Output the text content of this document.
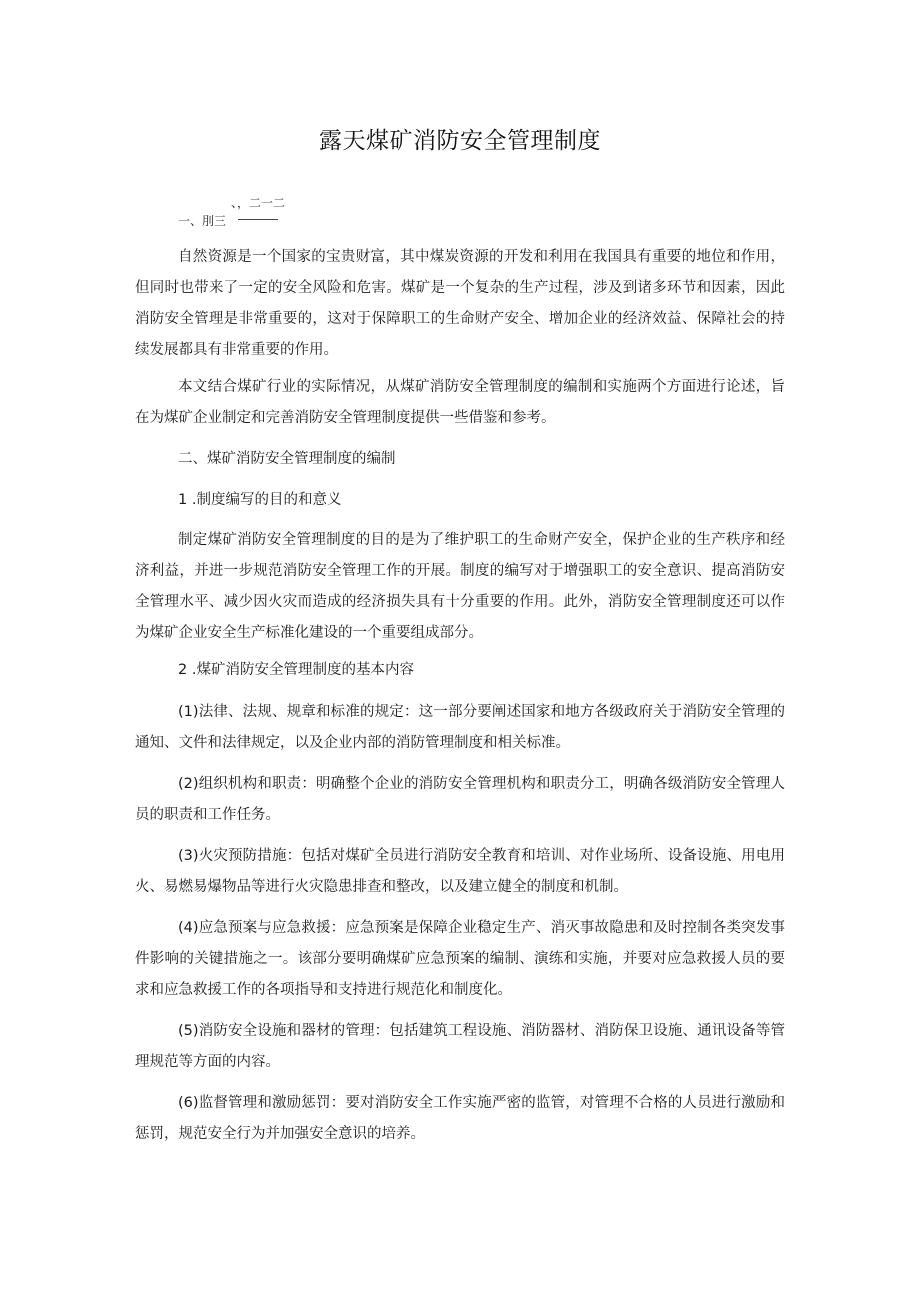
露天煤矿消防安全管理制度
、，二一二
一、刖三
自然资源是一个国家的宝贵财富，其中煤炭资源的开发和利用在我国具有重要的地位和作用，但同时也带来了一定的安全风险和危害。煤矿是一个复杂的生产过程，涉及到诸多环节和因素，因此消防安全管理是非常重要的，这对于保障职工的生命财产安全、增加企业的经济效益、保障社会的持续发展都具有非常重要的作用。
本文结合煤矿行业的实际情况，从煤矿消防安全管理制度的编制和实施两个方面进行论述，旨在为煤矿企业制定和完善消防安全管理制度提供一些借鉴和参考。
二、煤矿消防安全管理制度的编制
1 .制度编写的目的和意义
制定煤矿消防安全管理制度的目的是为了维护职工的生命财产安全，保护企业的生产秩序和经济利益，并进一步规范消防安全管理工作的开展。制度的编写对于增强职工的安全意识、提高消防安全管理水平、减少因火灾而造成的经济损失具有十分重要的作用。此外，消防安全管理制度还可以作为煤矿企业安全生产标准化建设的一个重要组成部分。
2 .煤矿消防安全管理制度的基本内容
(1)法律、法规、规章和标准的规定：这一部分要阐述国家和地方各级政府关于消防安全管理的通知、文件和法律规定，以及企业内部的消防管理制度和相关标准。
(2)组织机构和职责：明确整个企业的消防安全管理机构和职责分工，明确各级消防安全管理人员的职责和工作任务。
(3)火灾预防措施：包括对煤矿全员进行消防安全教育和培训、对作业场所、设备设施、用电用火、易燃易爆物品等进行火灾隐患排查和整改，以及建立健全的制度和机制。
(4)应急预案与应急救援：应急预案是保障企业稳定生产、消灭事故隐患和及时控制各类突发事件影响的关键措施之一。该部分要明确煤矿应急预案的编制、演练和实施，并要对应急救援人员的要求和应急救援工作的各项指导和支持进行规范化和制度化。
(5)消防安全设施和器材的管理：包括建筑工程设施、消防器材、消防保卫设施、通讯设备等管理规范等方面的内容。
(6)监督管理和激励惩罚：要对消防安全工作实施严密的监管，对管理不合格的人员进行激励和惩罚，规范安全行为并加强安全意识的培养。
